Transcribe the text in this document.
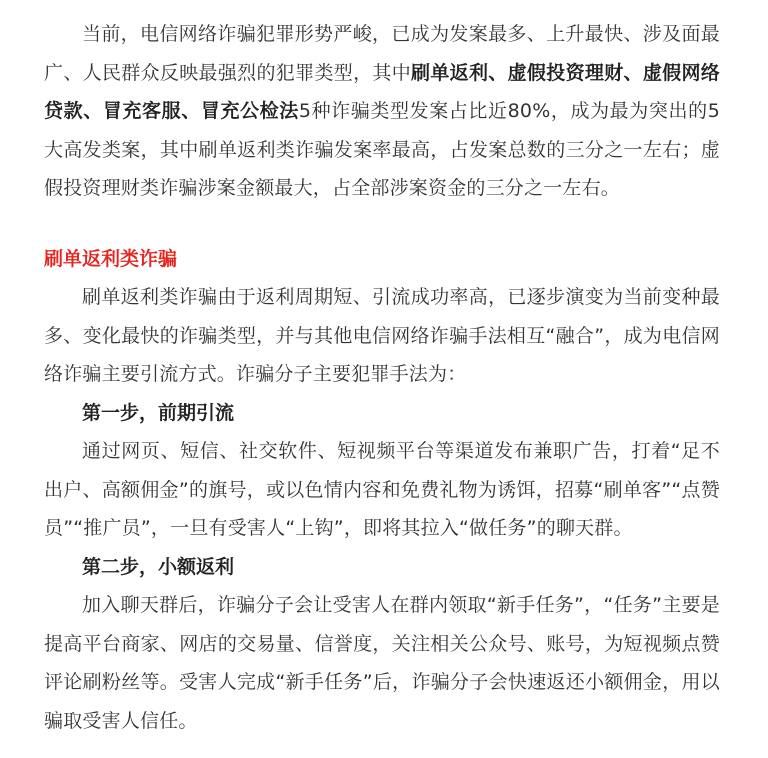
当前，电信网络诈骗犯罪形势严峻，已成为发案最多、上升最快、涉及面最广、人民群众反映最强烈的犯罪类型，其中刷单返利、虚假投资理财、虚假网络贷款、冒充客服、冒充公检法5种诈骗类型发案占比近80%，成为最为突出的5大高发类案，其中刷单返利类诈骗发案率最高，占发案总数的三分之一左右；虚假投资理财类诈骗涉案金额最大，占全部涉案资金的三分之一左右。

刷单返利类诈骗

刷单返利类诈骗由于返利周期短、引流成功率高，已逐步演变为当前变种最多、变化最快的诈骗类型，并与其他电信网络诈骗手法相互“融合”，成为电信网络诈骗主要引流方式。诈骗分子主要犯罪手法为：

第一步，前期引流

通过网页、短信、社交软件、短视频平台等渠道发布兼职广告，打着“足不出户、高额佣金”的旗号，或以色情内容和免费礼物为诱饵，招募“刷单客”“点赞员”“推广员”，一旦有受害人“上钩”，即将其拉入“做任务”的聊天群。

第二步，小额返利

加入聊天群后，诈骗分子会让受害人在群内领取“新手任务”，“任务”主要是提高平台商家、网店的交易量、信誉度，关注相关公众号、账号，为短视频点赞评论刷粉丝等。受害人完成“新手任务”后，诈骗分子会快速返还小额佣金，用以骗取受害人信任。
